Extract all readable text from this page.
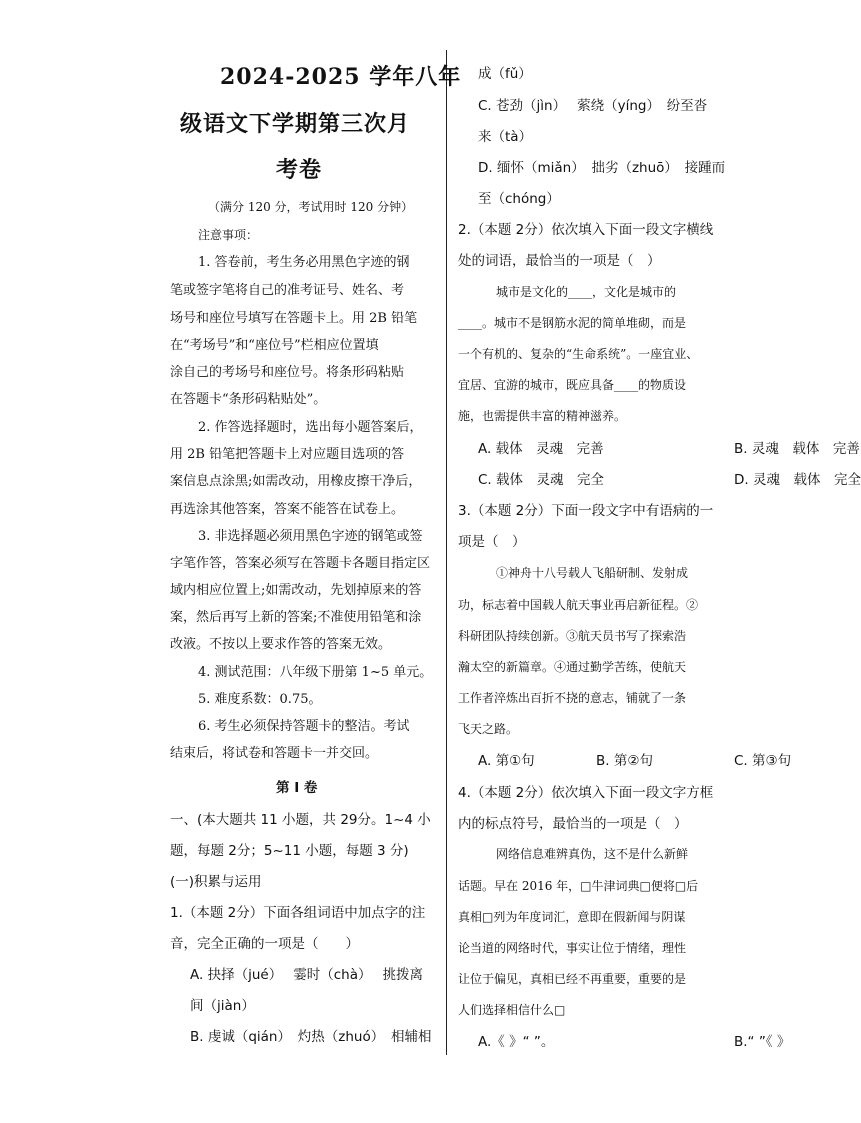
2024-2025 学年八年
级语文下学期第三次月
考卷
（满分 120 分，考试用时 120 分钟）
注意事项：
1. 答卷前，考生务必用黑色字迹的钢
笔或签字笔将自己的准考证号、姓名、考
场号和座位号填写在答题卡上。用 2B 铅笔
在“考场号”和“座位号”栏相应位置填
涂自己的考场号和座位号。将条形码粘贴
在答题卡“条形码粘贴处”。
2. 作答选择题时，选出每小题答案后，
用 2B 铅笔把答题卡上对应题目选项的答
案信息点涂黑;如需改动，用橡皮擦干净后，
再选涂其他答案，答案不能答在试卷上。
3. 非选择题必须用黑色字迹的钢笔或签
字笔作答，答案必须写在答题卡各题目指定区
域内相应位置上;如需改动，先划掉原来的答
案，然后再写上新的答案;不准使用铅笔和涂
改液。不按以上要求作答的答案无效。
4. 测试范围：八年级下册第 1~5 单元。
5. 难度系数：0.75。
6. 考生必须保持答题卡的整洁。考试
结束后，将试卷和答题卡一并交回。
第 I 卷
一、(本大题共 11 小题，共 29分。1~4 小
题，每题 2分；5~11 小题，每题 3 分)
(一)积累与运用
1.（本题 2分）下面各组词语中加点字的注
音，完全正确的一项是（　　）
A. 抉择（jué）　 霎时（chà）　 挑拨离
间（jiàn）
B. 虔诚（qián）　灼热（zhuó）　相辅相
成（fǔ）
C. 苍劲（jìn）　 萦绕（yíng）　纷至沓
来（tà）
D. 缅怀（miǎn）　拙劣（zhuō）　接踵而
至（chóng）
2.（本题 2分）依次填入下面一段文字横线
处的词语，最恰当的一项是（　）
城市是文化的____，文化是城市的
____。城市不是钢筋水泥的简单堆砌，而是
一个有机的、复杂的“生命系统”。一座宜业、
宜居、宜游的城市，既应具备____的物质设
施，也需提供丰富的精神滋养。
A. 载体　灵魂　完善	B. 灵魂　载体　完善
C. 载体　灵魂　完全	D. 灵魂　载体　完全
3.（本题 2分）下面一段文字中有语病的一
项是（　）
①神舟十八号载人飞船研制、发射成
功，标志着中国载人航天事业再启新征程。②
科研团队持续创新。③航天员书写了探索浩
瀚太空的新篇章。④通过勤学苦练，使航天
工作者淬炼出百折不挠的意志，铺就了一条
飞天之路。
A. 第①句	B. 第②句	C. 第③句
4.（本题 2分）依次填入下面一段文字方框
内的标点符号，最恰当的一项是（　）
网络信息难辨真伪，这不是什么新鲜
话题。早在 2016 年，□牛津词典□便将□后
真相□列为年度词汇，意即在假新闻与阴谋
论当道的网络时代，事实让位于情绪，理性
让位于偏见，真相已经不再重要，重要的是
人们选择相信什么□
A.《 》“ ”。	B.“ ”《 》
